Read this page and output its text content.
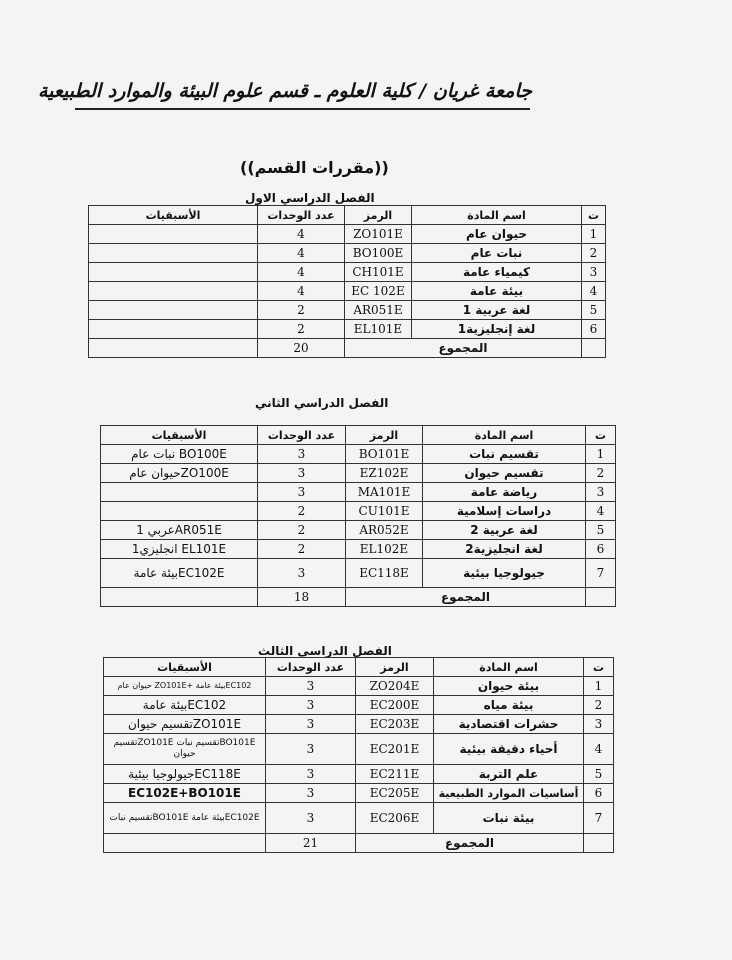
جامعة غريان / كلية العلوم ـ قسم علوم البيئة والموارد الطبيعية
((مقررات القسم))
الفصل الدراسي الاول
ت	اسم المادة	الرمز	عدد الوحدات	الأسبقيات
1	حيوان عام	ZO101E	4	
2	نبات عام	BO100E	4	
3	كيمياء عامة	CH101E	4	
4	بيئة عامة	EC 102E	4	
5	لغة عربية 1	AR051E	2	
6	لغة إنجليزية1	EL101E	2	
	المجموع		20	
الفصل الدراسي الثاني
ت	اسم المادة	الرمز	عدد الوحدات	الأسبقيات
1	تقسيم نبات	BO101E	3	BO100E نبات عام
2	تقسيم حيوان	EZ102E	3	ZO100Eحيوان عام
3	رياضة عامة	MA101E	3	
4	دراسات إسلامية	CU101E	2	
5	لغة عربية 2	AR052E	2	AR051Eعربي 1
6	لغة انجليزية2	EL102E	2	EL101E انجليزي1
7	جيولوجيا بيئية	EC118E	3	EC102Eبيئة عامة
	المجموع		18	
الفصل الدراسي الثالث
ت	اسم المادة	الرمز	عدد الوحدات	الأسبقيات
1	بيئة حيوان	ZO204E	3	EC102بيئة عامة +ZO101E حيوان عام
2	بيئة مياه	EC200E	3	EC102بيئة عامة
3	حشرات اقتصادية	EC203E	3	ZO101Eتقسيم حيوان
4	أحياء دقيقة بيئية	EC201E	3	BO101Eتقسيم نبات ZO101Eتقسيم حيوان
5	علم التربة	EC211E	3	EC118Eجيولوجيا بيئية
6	أساسيات الموارد الطبيعية	EC205E	3	EC102E+BO101E
7	بيئة نبات	EC206E	3	EC102Eبيئة عامة BO101Eتقسيم نبات
	المجموع		21	
